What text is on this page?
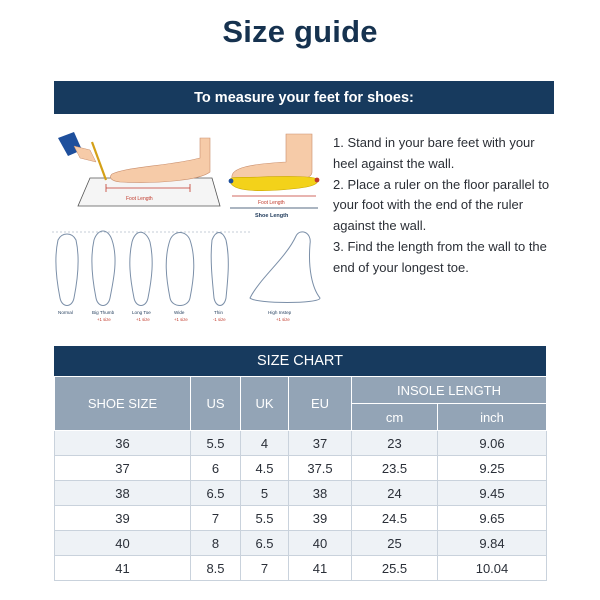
Size guide
To measure your feet for shoes:
Foot Length
Foot Length
Shoe Length
Normal	Big Thumb
+1 size
Long Toe
+1 size
Wide
+1 size
Thin
-1 size
High Instep
+1 size

1. Stand in your bare feet with your heel against the wall.

2. Place a ruler on the floor parallel to your foot with the end of the ruler against the wall.

3. Find the length from the wall to the end of your longest toe.

SIZE CHART
SHOE SIZE	US	UK	EU	INSOLE LENGTH	
				cm	inch
36	5.5	4	37	23	9.06
37	6	4.5	37.5	23.5	9.25
38	6.5	5	38	24	9.45
39	7	5.5	39	24.5	9.65
40	8	6.5	40	25	9.84
41	8.5	7	41	25.5	10.04
